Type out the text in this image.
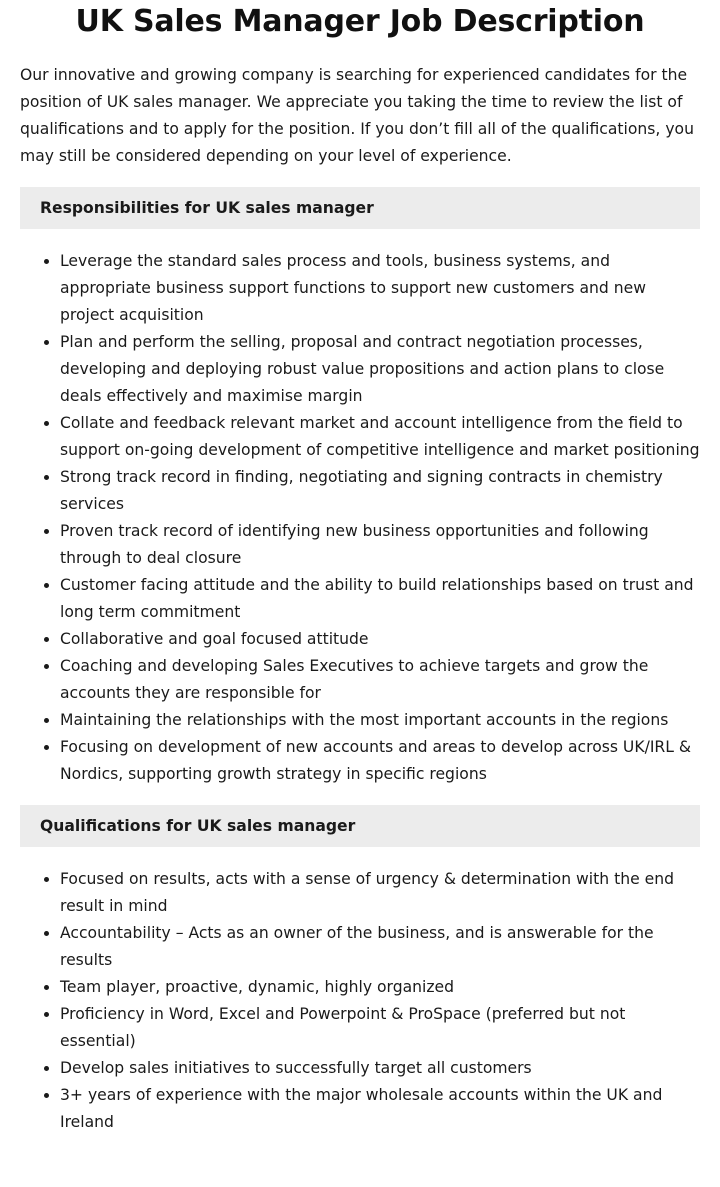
UK Sales Manager Job Description

Our innovative and growing company is searching for experienced candidates for the position of UK sales manager. We appreciate you taking the time to review the list of qualifications and to apply for the position. If you don’t fill all of the qualifications, you may still be considered depending on your level of experience.

Responsibilities for UK sales manager
• Leverage the standard sales process and tools, business systems, and appropriate business support functions to support new customers and new project acquisition
• Plan and perform the selling, proposal and contract negotiation processes, developing and deploying robust value propositions and action plans to close deals effectively and maximise margin
• Collate and feedback relevant market and account intelligence from the field to support on-going development of competitive intelligence and market positioning
• Strong track record in finding, negotiating and signing contracts in chemistry services
• Proven track record of identifying new business opportunities and following through to deal closure
• Customer facing attitude and the ability to build relationships based on trust and long term commitment
• Collaborative and goal focused attitude
• Coaching and developing Sales Executives to achieve targets and grow the accounts they are responsible for
• Maintaining the relationships with the most important accounts in the regions
• Focusing on development of new accounts and areas to develop across UK/IRL & Nordics, supporting growth strategy in specific regions
Qualifications for UK sales manager
• Focused on results, acts with a sense of urgency & determination with the end result in mind
• Accountability – Acts as an owner of the business, and is answerable for the results
• Team player, proactive, dynamic, highly organized
• Proficiency in Word, Excel and Powerpoint & ProSpace (preferred but not essential)
• Develop sales initiatives to successfully target all customers
• 3+ years of experience with the major wholesale accounts within the UK and Ireland
